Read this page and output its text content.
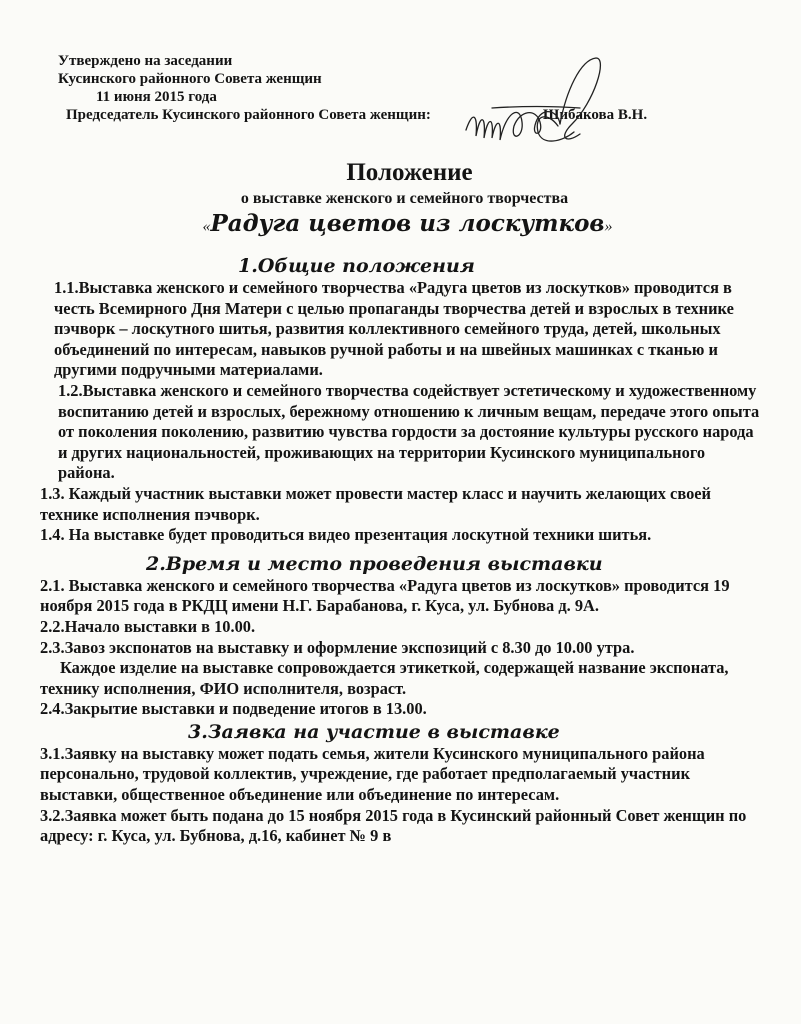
Утверждено на заседании
Кусинского районного Совета женщин
11 июня 2015 года
Председатель Кусинского районного Совета женщин:	Шибакова В.Н.
Положение

о выставке женского и семейного творчества

«Радуга цветов из лоскутков»

1.Общие положения

1.1.Выставка женского и семейного творчества «Радуга цветов из лоскутков» проводится в честь Всемирного Дня Матери с целью пропаганды творчества детей и взрослых в технике пэчворк – лоскутного шитья, развития коллективного семейного труда, детей, школьных объединений по интересам, навыков ручной работы и на швейных машинках с тканью и другими подручными материалами.

1.2.Выставка женского и семейного творчества содействует эстетическому и художественному воспитанию детей и взрослых, бережному отношению к личным вещам, передаче этого опыта от поколения поколению, развитию чувства гордости за достояние культуры русского народа и других национальностей, проживающих на территории Кусинского муниципального района.

1.3. Каждый участник выставки может провести мастер класс и научить желающих своей технике исполнения пэчворк.

1.4. На выставке будет проводиться видео презентация лоскутной техники шитья.

2.Время и место проведения выставки

2.1. Выставка женского и семейного творчества «Радуга цветов из лоскутков» проводится 19 ноября 2015 года в РКДЦ имени Н.Г. Барабанова, г. Куса, ул. Бубнова д. 9А.

2.2.Начало выставки в 10.00.

2.3.Завоз экспонатов на выставку и оформление экспозиций с 8.30 до 10.00 утра.

Каждое изделие на выставке сопровождается этикеткой, содержащей название экспоната, технику исполнения, ФИО исполнителя, возраст.

2.4.Закрытие выставки и подведение итогов в 13.00.

3.Заявка на участие в выставке

3.1.Заявку на выставку может подать семья, жители Кусинского муниципального района персонально, трудовой коллектив, учреждение, где работает предполагаемый участник выставки, общественное объединение или объединение по интересам.

3.2.Заявка может быть подана до 15 ноября 2015 года в Кусинский районный Совет женщин по адресу: г. Куса, ул. Бубнова, д.16, кабинет № 9 в
